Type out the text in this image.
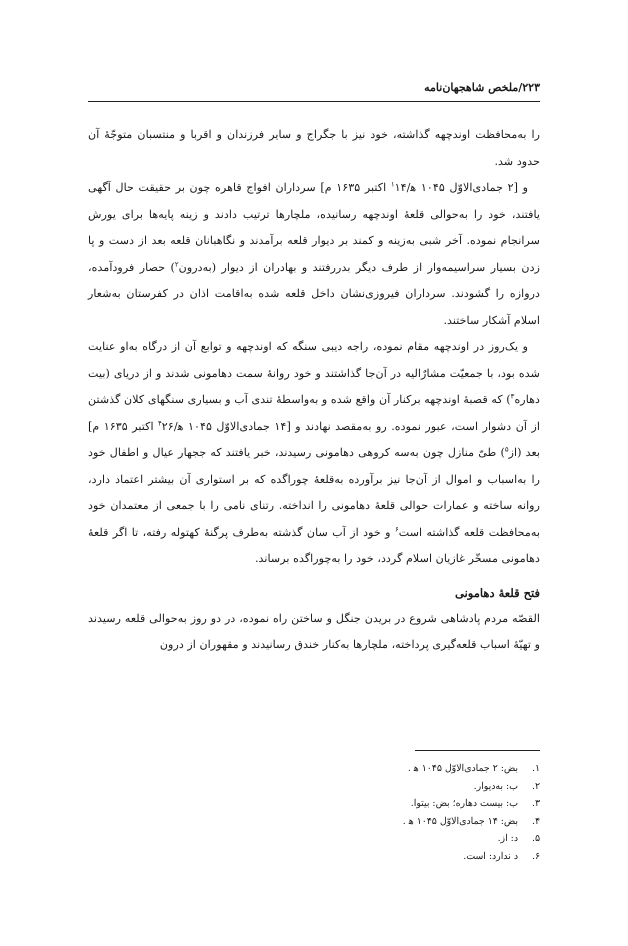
۲۲۳/ملخص شاهجهان‌نامه

را به‌محافظت اوندچهه گذاشته، خود نیز با جگراج و سایر فرزندان و اقربا و منتسبان متوجّهٔ آن حدود شد.

و [۲ جمادی‌الاوّل ۱۰۴۵ ه‍/$^۱$۱۴ اکتبر ۱۶۳۵ م] سرداران افواج قاهره چون بر حقیقت حال آگهی یافتند، خود را به‌حوالی قلعهٔ اوندچهه رسانیده، ملچارها ترتیب دادند و زینه پایه‌ها برای یورش سرانجام نموده. آخر شبی به‌زینه و کمند بر دیوار قلعه برآمدند و نگاهبانان قلعه بعد از دست و پا زدن بسیار سراسیمه‌وار از طرف دیگر بدررفتند و بهادران از دیوار (به‌درون$^۲$) حصار فرودآمده، دروازه را گشودند. سرداران فیروزی‌نشان داخل قلعه شده به‌اقامت اذان در کفرستان به‌شعار اسلام آشکار ساختند.

و یک‌روز در اوندچهه مقام نموده، راجه دیبی سنگه که اوندچهه و توابع آن از درگاه به‌او عنایت شده بود، با جمعیّت مشارٌالیه در آن‌جا گذاشتند و خود روانهٔ سمت دهامونی شدند و از دریای (بیت دهاره$^۳$) که قصبهٔ اوندچهه برکنار آن واقع شده و به‌واسطهٔ تندی آب و بسیاری سنگهای کلان گذشتن از آن دشوار است، عبور نموده. رو به‌مقصد نهادند و [۱۴ جمادی‌الاوّل ۱۰۴۵ ه‍/$^۴$۲۶ اکتبر ۱۶۳۵ م] بعد (از$^۵$) طیّ منازل چون به‌سه کروهی دهامونی رسیدند، خبر یافتند که ججهار عیال و اطفال خود را به‌اسباب و اموال از آن‌جا نیز برآورده به‌قلعهٔ چوراگده که بر استواری آن بیشتر اعتماد دارد، روانه ساخته و عمارات حوالی قلعهٔ دهامونی را انداخته. رتنای نامی را با جمعی از معتمدان خود به‌محافظت قلعه گذاشته است$^۶$ و خود از آب سان گذشته به‌طرف پرگنهٔ کهتوله رفته، تا اگر قلعهٔ دهامونی مسخّر غازیان اسلام گردد، خود را به‌چوراگده برساند.

فتح قلعهٔ دهامونی

القصّه مردم پادشاهی شروع در بریدن جنگل و ساختن راه نموده، در دو روز به‌حوالی قلعه رسیدند و تهیّهٔ اسباب قلعه‌گیری پرداخته، ملچارها به‌کنار خندق رسانیدند و مقهوران از درون

۱.
بض: ۲ جمادی‌الاوّل ۱۰۴۵ ه‍ .
۲.
ب: به‌دیوار.
۳.
ب: بیست دهاره؛ بض: بیتوا.
۴.
بض: ۱۴ جمادی‌الاوّل ۱۰۴۵ ه‍ .
۵.
د: از.
۶.
د ندارد: است.
